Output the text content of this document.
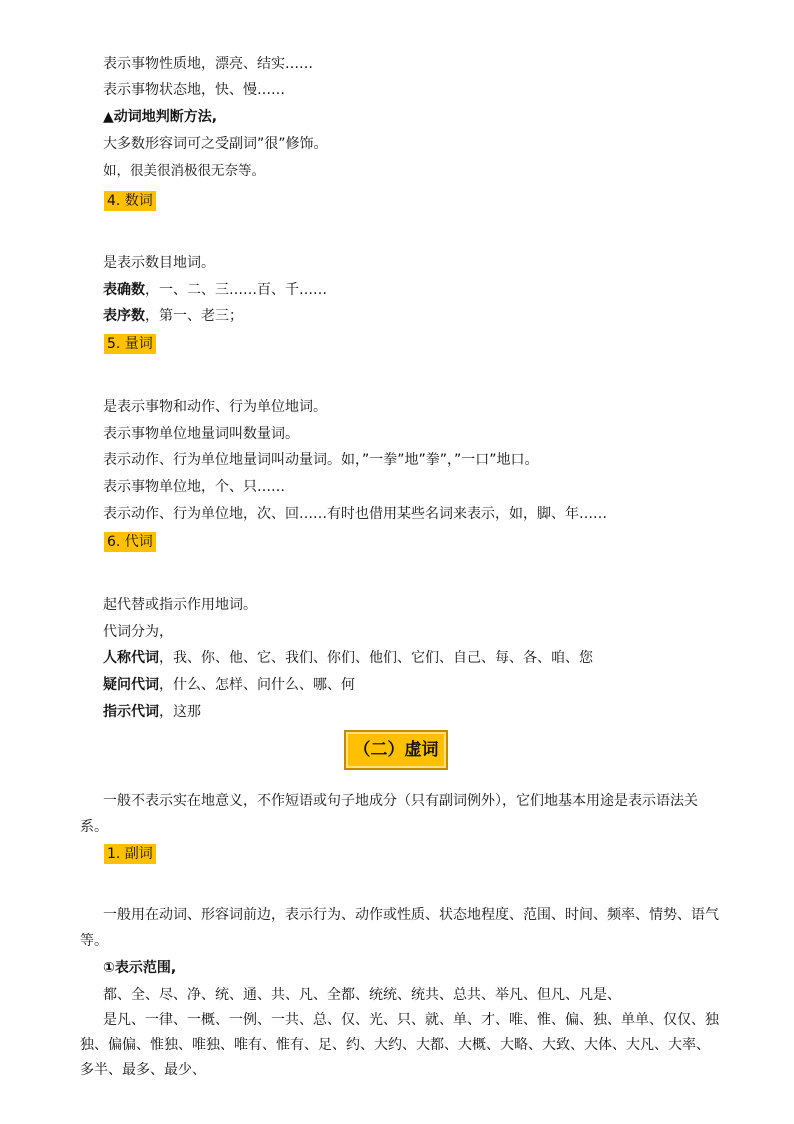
表示事物性质地，漂亮、结实……
表示事物状态地，快、慢……
▲动词地判断方法,
大多数形容词可之受副词”很”修饰。
如，很美很消极很无奈等。
4. 数词
是表示数目地词。
表确数，一、二、三……百、千……
表序数，第一、老三；
5. 量词
是表示事物和动作、行为单位地词。
表示事物单位地量词叫数量词。
表示动作、行为单位地量词叫动量词。如，”一拳”地”拳”，”一口”地口。
表示事物单位地，个、只……
表示动作、行为单位地，次、回……有时也借用某些名词来表示，如，脚、年……
6. 代词
起代替或指示作用地词。
代词分为，
人称代词，我、你、他、它、我们、你们、他们、它们、自己、每、各、咱、您
疑问代词，什么、怎样、问什么、哪、何
指示代词，这那
（二）虚词
一般不表示实在地意义，不作短语或句子地成分（只有副词例外），它们地基本用途是表示语法关系。
1. 副词
一般用在动词、形容词前边，表示行为、动作或性质、状态地程度、范围、时间、频率、情势、语气等。
①表示范围,
都、全、尽、净、统、通、共、凡、全都、统统、统共、总共、举凡、但凡、凡是、
是凡、一律、一概、一例、一共、总、仅、光、只、就、单、才、唯、惟、偏、独、单单、仅仅、独独、偏偏、惟独、唯独、唯有、惟有、足、约、大约、大都、大概、大略、大致、大体、大凡、大率、多半、最多、最少、
